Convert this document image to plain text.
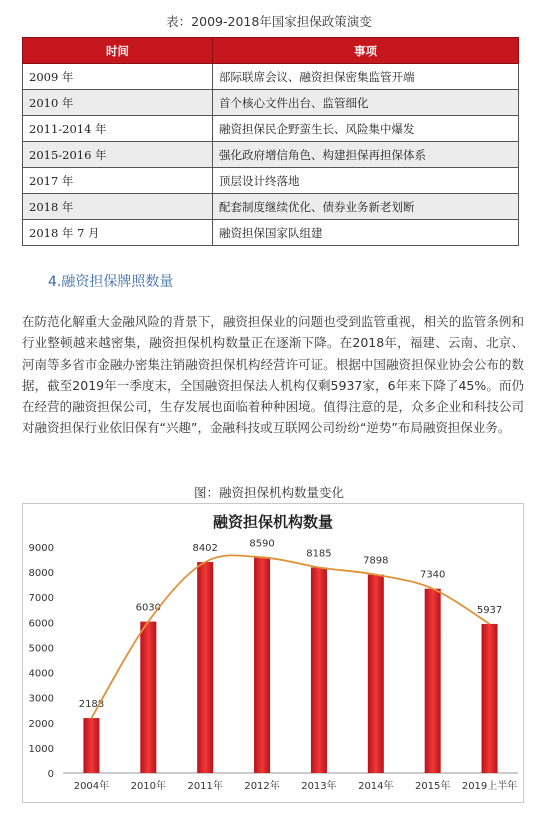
表：2009-2018年国家担保政策演变
时间	事项
2009 年	部际联席会议、融资担保密集监管开端
2010 年	首个核心文件出台、监管细化
2011-2014 年	融资担保民企野蛮生长、风险集中爆发
2015-2016 年	强化政府增信角色、构建担保再担保体系
2017 年	顶层设计终落地
2018 年	配套制度继续优化、债券业务新老划断
2018 年 7 月	融资担保国家队组建
4.融资担保牌照数量
在防范化解重大金融风险的背景下，融资担保业的问题也受到监管重视，相关的监管条例和行业整顿越来越密集，融资担保机构数量正在逐渐下降。在2018年，福建、云南、北京、河南等多省市金融办密集注销融资担保机构经营许可证。根据中国融资担保业协会公布的数据，截至2019年一季度末，全国融资担保法人机构仅剩5937家，6年来下降了45%。而仍在经营的融资担保公司，生存发展也面临着种种困境。值得注意的是，众多企业和科技公司对融资担保行业依旧保有“兴趣”，金融科技或互联网公司纷纷“逆势”布局融资担保业务。
图：融资担保机构数量变化
融资担保机构数量
0
1000
2000
3000
4000
5000
6000
7000
8000
9000
2188
2004年
6030
2010年
8402
2011年
8590
2012年
8185
2013年
7898
2014年
7340
2015年
5937
2019上半年
